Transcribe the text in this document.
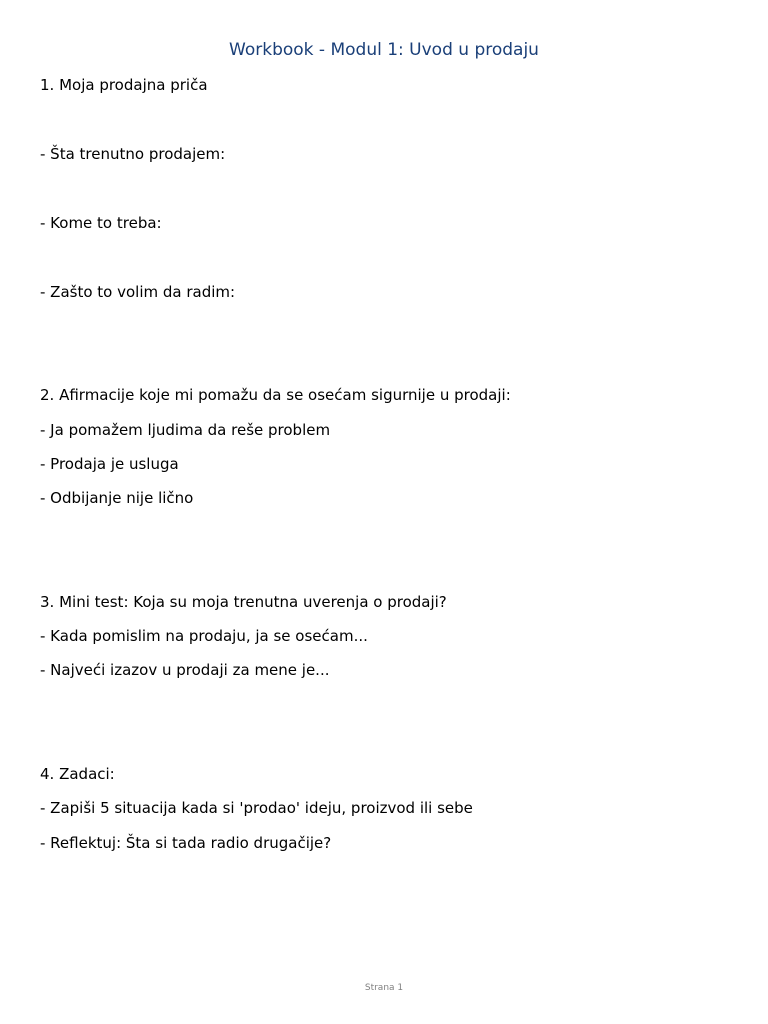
Workbook - Modul 1: Uvod u prodaju
1. Moja prodajna priča
- Šta trenutno prodajem:
- Kome to treba:
- Zašto to volim da radim:
2. Afirmacije koje mi pomažu da se osećam sigurnije u prodaji:
- Ja pomažem ljudima da reše problem
- Prodaja je usluga
- Odbijanje nije lično
3. Mini test: Koja su moja trenutna uverenja o prodaji?
- Kada pomislim na prodaju, ja se osećam...
- Najveći izazov u prodaji za mene je...
4. Zadaci:
- Zapiši 5 situacija kada si 'prodao' ideju, proizvod ili sebe
- Reflektuj: Šta si tada radio drugačije?
Strana 1
